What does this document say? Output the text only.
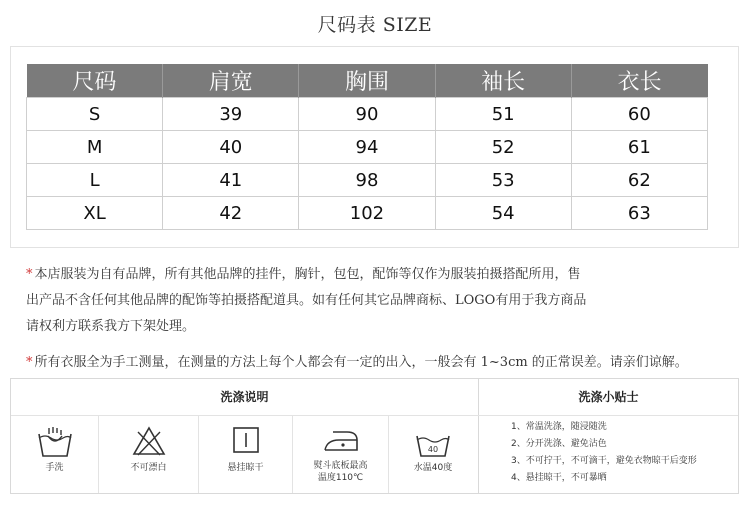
尺码表 SIZE
尺码	肩宽	胸围	袖长	衣长
S	39	90	51	60
M	40	94	52	61
L	41	98	53	62
XL	42	102	54	63
* 本店服装为自有品牌，所有其他品牌的挂件，胸针，包包，配饰等仅作为服装拍摄搭配所用，售
出产品不含任何其他品牌的配饰等拍摄搭配道具。如有任何其它品牌商标、LOGO有用于我方商品
请权利方联系我方下架处理。
* 所有衣服全为手工测量，在测量的方法上每个人都会有一定的出入，一般会有 1~3cm 的正常误差。请亲们谅解。
洗涤说明	洗涤小贴士
手洗	不可漂白	悬挂晾干	熨斗底板最高
温度110℃
40
水温40度
1、常温洗涤，随浸随洗
2、分开洗涤、避免沾色
3、不可拧干，不可滴干，避免衣物晾干后变形
4、悬挂晾干，不可暴晒
